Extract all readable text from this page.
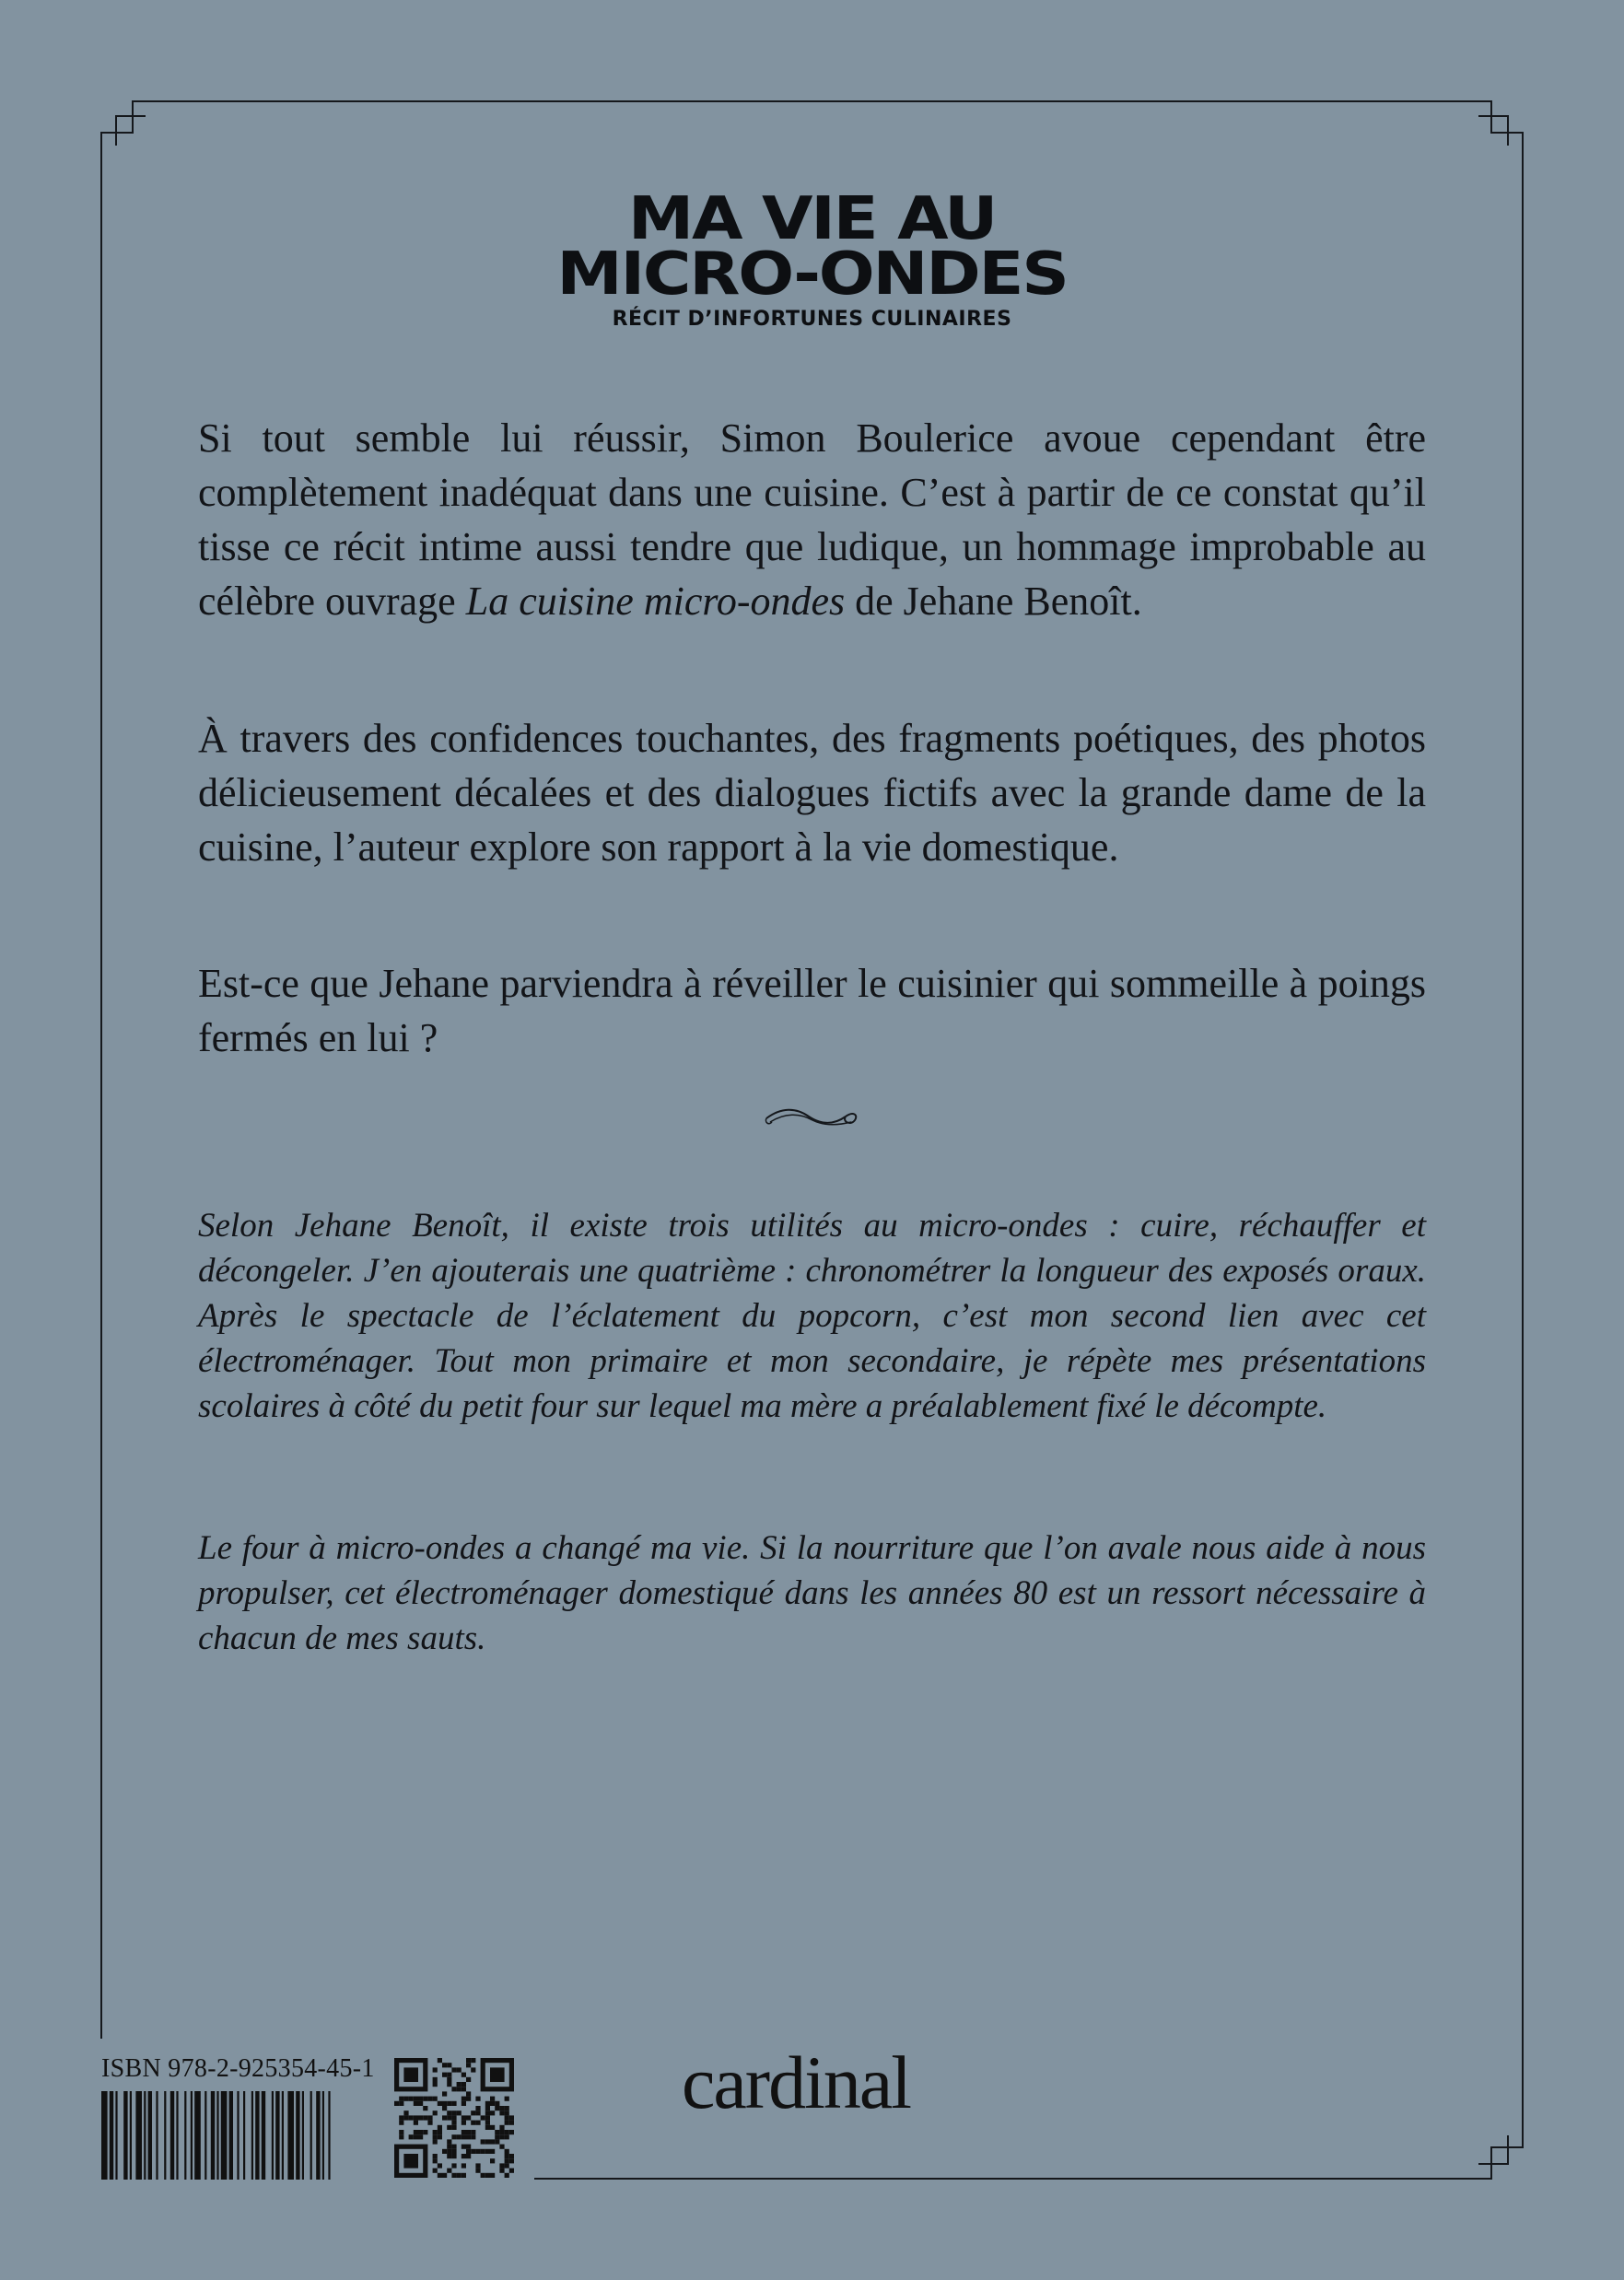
MA VIE AU
MICRO-ONDES
RÉCIT D’INFORTUNES CULINAIRES

Si tout semble lui réussir, Simon Boulerice avoue cependant être complètement inadéquat dans une cuisine. C’est à partir de ce constat qu’il tisse ce récit intime aussi tendre que ludique, un hommage improbable au célèbre ouvrage La cuisine micro-ondes de Jehane Benoît.

À travers des confidences touchantes, des fragments poétiques, des photos délicieusement décalées et des dialogues fictifs avec la grande dame de la cuisine, l’auteur explore son rapport à la vie domestique.

Est-ce que Jehane parviendra à réveiller le cuisinier qui sommeille à poings fermés en lui ?

Selon Jehane Benoît, il existe trois utilités au micro-ondes : cuire, réchauffer et décongeler. J’en ajouterais une quatrième : chronométrer la longueur des exposés oraux. Après le spectacle de l’éclatement du popcorn, c’est mon second lien avec cet électroménager. Tout mon primaire et mon secondaire, je répète mes présentations scolaires à côté du petit four sur lequel ma mère a préalablement fixé le décompte.

Le four à micro-ondes a changé ma vie. Si la nourriture que l’on avale nous aide à nous propulser, cet électroménager domestiqué dans les années 80 est un ressort nécessaire à chacun de mes sauts.

ISBN 978-2-925354-45-1	cardinal
